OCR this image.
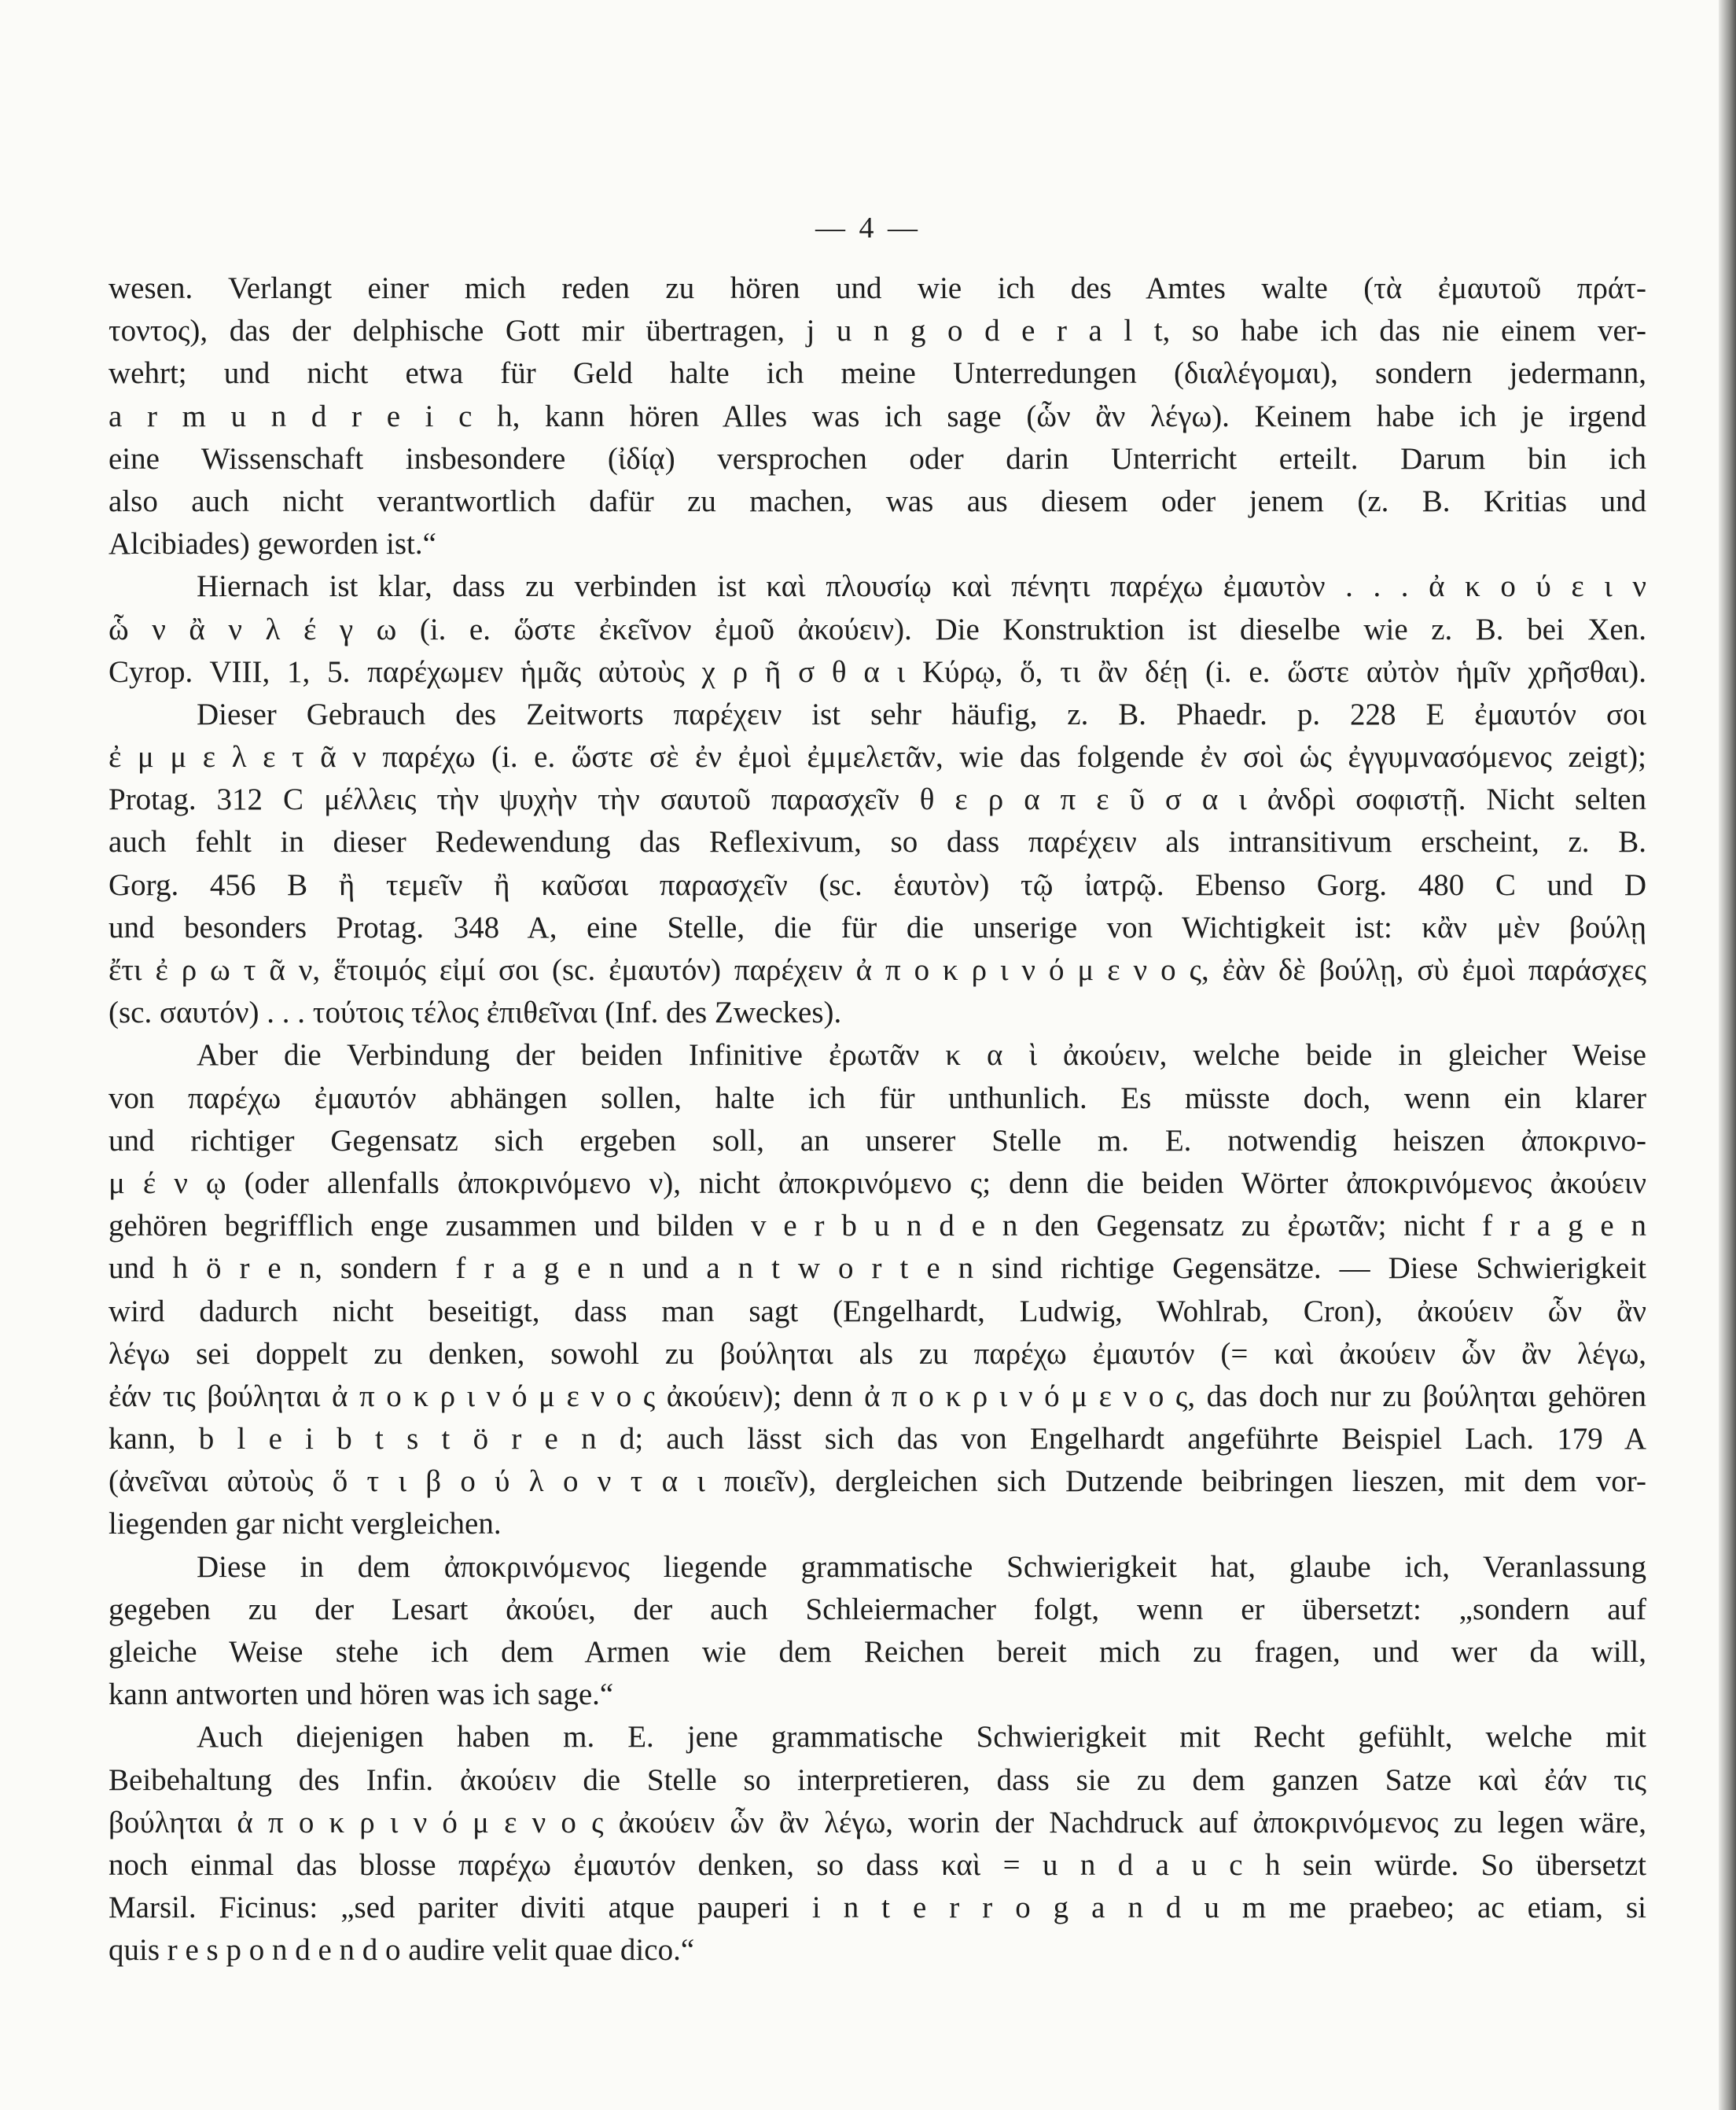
— 4 —
wesen. Verlangt einer mich reden zu hören und wie ich des Amtes walte (τὰ ἐμαυτοῦ πράτ-
τοντος), das der delphische Gott mir übertragen, j u n g o d e r a l t, so habe ich das nie einem ver-
wehrt; und nicht etwa für Geld halte ich meine Unterredungen (διαλέγομαι), sondern jedermann,
a r m u n d r e i c h, kann hören Alles was ich sage (ὧν ἂν λέγω). Keinem habe ich je irgend
eine Wissenschaft insbesondere (ἰδίᾳ) versprochen oder darin Unterricht erteilt. Darum bin ich
also auch nicht verantwortlich dafür zu machen, was aus diesem oder jenem (z. B. Kritias und
Alcibiades) geworden ist.“
Hiernach ist klar, dass zu verbinden ist καὶ πλουσίῳ καὶ πένητι παρέχω ἐμαυτὸν . . . ἀ κ ο ύ ε ι ν
ὧ ν ἂ ν λ έ γ ω (i. e. ὥστε ἐκεῖνον ἐμοῦ ἀκούειν). Die Konstruktion ist dieselbe wie z. B. bei Xen.
Cyrop. VIII, 1, 5. παρέχωμεν ἡμᾶς αὐτοὺς χ ρ ῆ σ θ α ι Κύρῳ, ὅ, τι ἂν δέῃ (i. e. ὥστε αὐτὸν ἡμῖν χρῆσθαι).
Dieser Gebrauch des Zeitworts παρέχειν ist sehr häufig, z. B. Phaedr. p. 228 E ἐμαυτόν σοι
ἐ μ μ ε λ ε τ ᾶ ν παρέχω (i. e. ὥστε σὲ ἐν ἐμοὶ ἐμμελετᾶν, wie das folgende ἐν σοὶ ὡς ἐγγυμνασόμενος zeigt);
Protag. 312 C μέλλεις τὴν ψυχὴν τὴν σαυτοῦ παρασχεῖν θ ε ρ α π ε ῦ σ α ι ἀνδρὶ σοφιστῇ. Nicht selten
auch fehlt in dieser Redewendung das Reflexivum, so dass παρέχειν als intransitivum erscheint, z. B.
Gorg. 456 B ἢ τεμεῖν ἢ καῦσαι παρασχεῖν (sc. ἑαυτὸν) τῷ ἰατρῷ. Ebenso Gorg. 480 C und D
und besonders Protag. 348 A, eine Stelle, die für die unserige von Wichtigkeit ist: κἂν μὲν βούλῃ
ἔτι ἐ ρ ω τ ᾶ ν, ἕτοιμός εἰμί σοι (sc. ἐμαυτόν) παρέχειν ἀ π ο κ ρ ι ν ό μ ε ν ο ς, ἐὰν δὲ βούλῃ, σὺ ἐμοὶ παράσχες
(sc. σαυτόν) . . . τούτοις τέλος ἐπιθεῖναι (Inf. des Zweckes).
Aber die Verbindung der beiden Infinitive ἐρωτᾶν κ α ὶ ἀκούειν, welche beide in gleicher Weise
von παρέχω ἐμαυτόν abhängen sollen, halte ich für unthunlich. Es müsste doch, wenn ein klarer
und richtiger Gegensatz sich ergeben soll, an unserer Stelle m. E. notwendig heiszen ἀποκρινο-
μ έ ν ῳ (oder allenfalls ἀποκρινόμενο ν), nicht ἀποκρινόμενο ς; denn die beiden Wörter ἀποκρινόμενος ἀκούειν
gehören begrifflich enge zusammen und bilden v e r b u n d e n den Gegensatz zu ἐρωτᾶν; nicht f r a g e n
und h ö r e n, sondern f r a g e n und a n t w o r t e n sind richtige Gegensätze. — Diese Schwierigkeit
wird dadurch nicht beseitigt, dass man sagt (Engelhardt, Ludwig, Wohlrab, Cron), ἀκούειν ὧν ἂν
λέγω sei doppelt zu denken, sowohl zu βούληται als zu παρέχω ἐμαυτόν (= καὶ ἀκούειν ὧν ἂν λέγω,
ἐάν τις βούληται ἀ π ο κ ρ ι ν ό μ ε ν ο ς ἀκούειν); denn ἀ π ο κ ρ ι ν ό μ ε ν ο ς, das doch nur zu βούληται gehören
kann, b l e i b t s t ö r e n d; auch lässt sich das von Engelhardt angeführte Beispiel Lach. 179 A
(ἀνεῖναι αὐτοὺς ὅ τ ι β ο ύ λ ο ν τ α ι ποιεῖν), dergleichen sich Dutzende beibringen lieszen, mit dem vor-
liegenden gar nicht vergleichen.
Diese in dem ἀποκρινόμενος liegende grammatische Schwierigkeit hat, glaube ich, Veranlassung
gegeben zu der Lesart ἀκούει, der auch Schleiermacher folgt, wenn er übersetzt: „sondern auf
gleiche Weise stehe ich dem Armen wie dem Reichen bereit mich zu fragen, und wer da will,
kann antworten und hören was ich sage.“
Auch diejenigen haben m. E. jene grammatische Schwierigkeit mit Recht gefühlt, welche mit
Beibehaltung des Infin. ἀκούειν die Stelle so interpretieren, dass sie zu dem ganzen Satze καὶ ἐάν τις
βούληται ἀ π ο κ ρ ι ν ό μ ε ν ο ς ἀκούειν ὧν ἂν λέγω, worin der Nachdruck auf ἀποκρινόμενος zu legen wäre,
noch einmal das blosse παρέχω ἐμαυτόν denken, so dass καὶ = u n d a u c h sein würde. So übersetzt
Marsil. Ficinus: „sed pariter diviti atque pauperi i n t e r r o g a n d u m me praebeo; ac etiam, si
quis r e s p o n d e n d o audire velit quae dico.“
